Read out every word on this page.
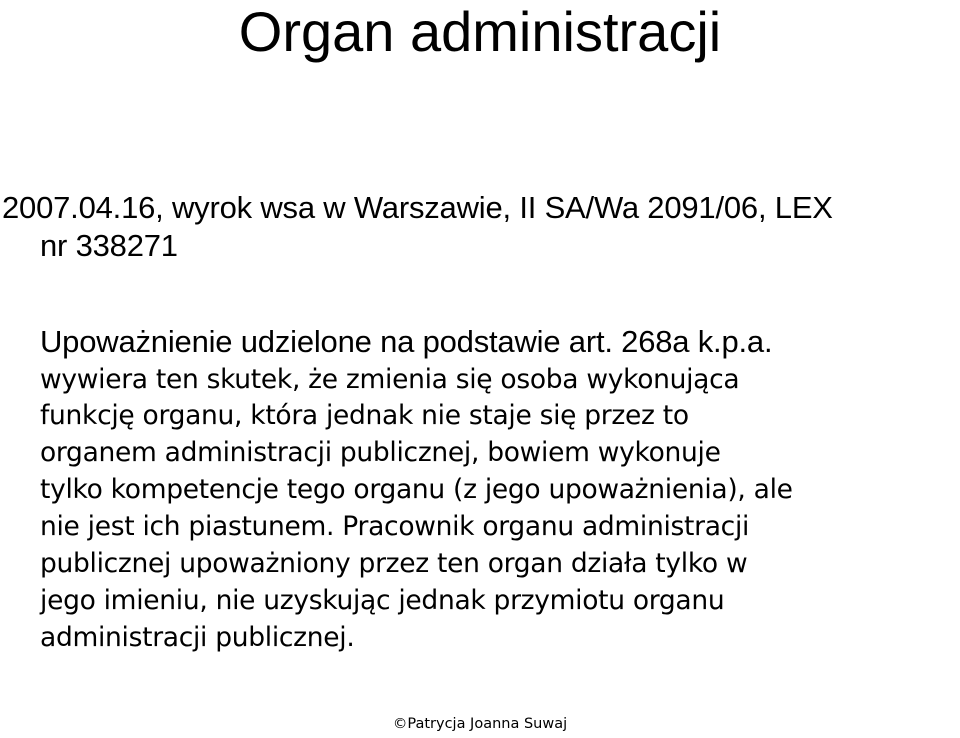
Organ administracji

2007.04.16, wyrok wsa w Warszawie, II SA/Wa 2091/06, LEX

nr 338271

Upoważnienie udzielone na podstawie art. 268a k.p.a.

wywiera ten skutek, że zmienia się osoba wykonująca

funkcję organu, która jednak nie staje się przez to

organem administracji publicznej, bowiem wykonuje

tylko kompetencje tego organu (z jego upoważnienia), ale

nie jest ich piastunem. Pracownik organu administracji

publicznej upoważniony przez ten organ działa tylko w

jego imieniu, nie uzyskując jednak przymiotu organu

administracji publicznej.

©Patrycja Joanna Suwaj
